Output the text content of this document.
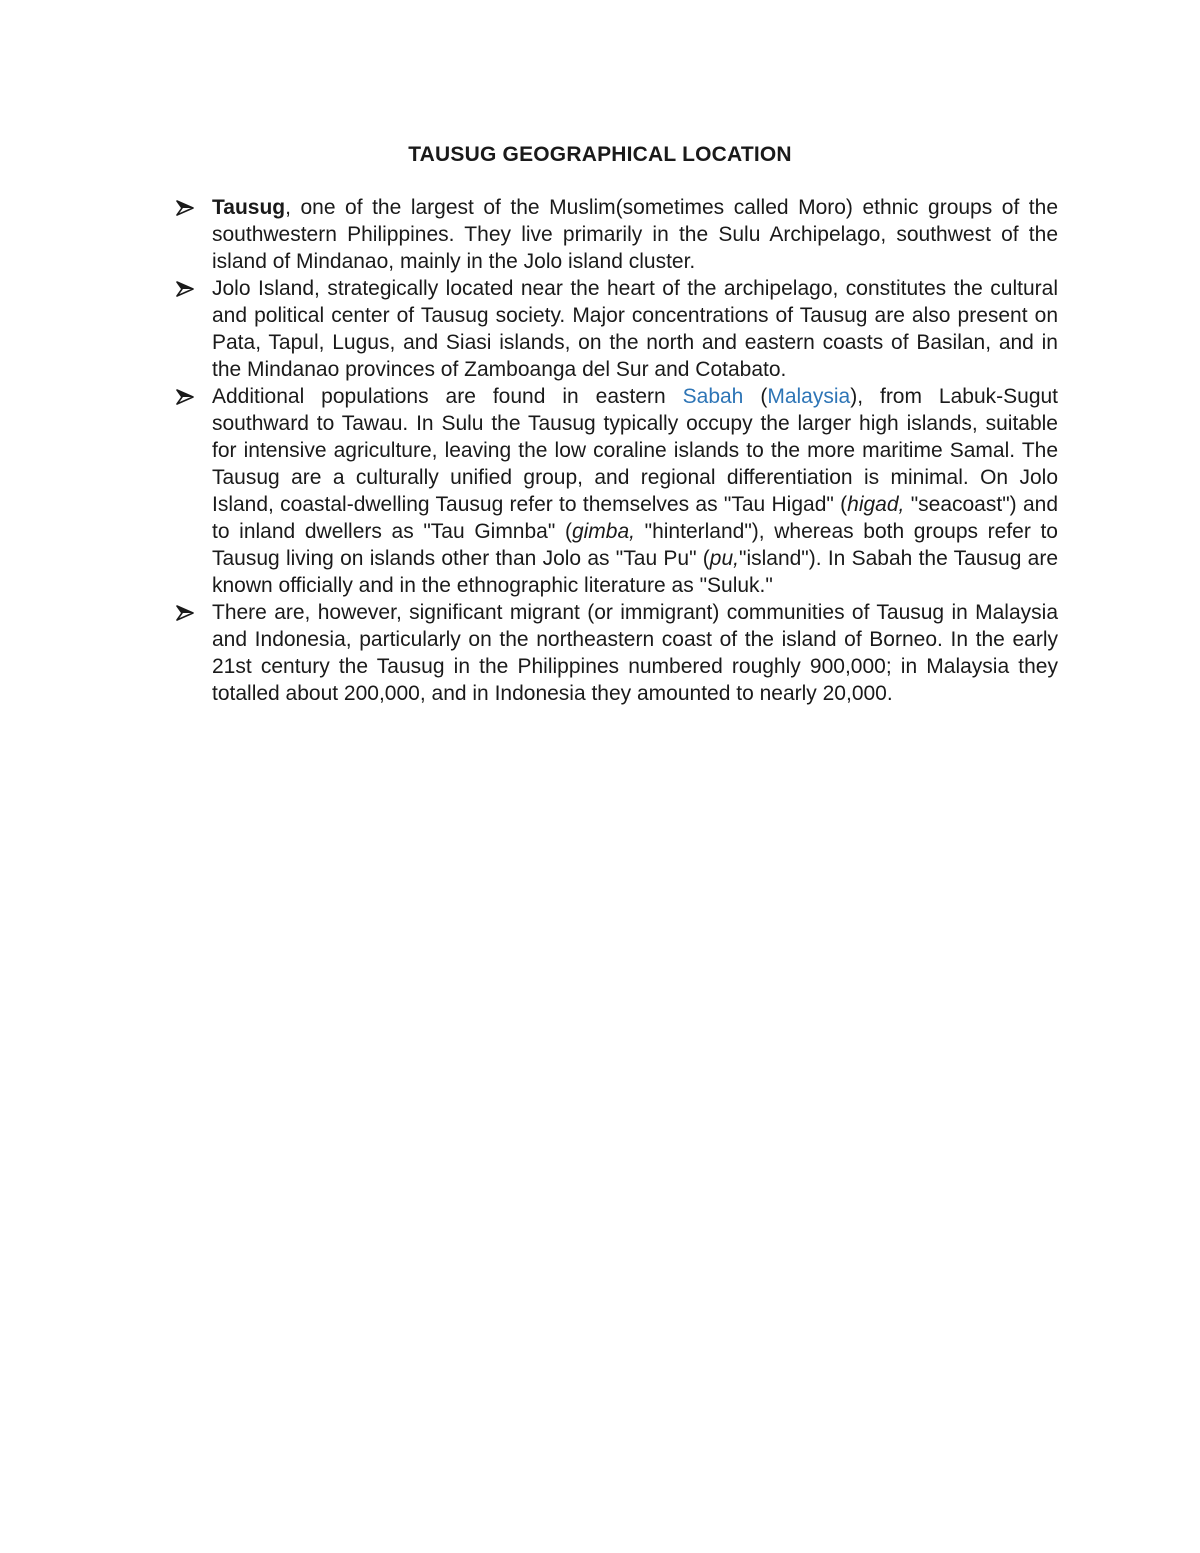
TAUSUG GEOGRAPHICAL LOCATION
Tausug, one of the largest of the Muslim(sometimes called Moro) ethnic groups of the southwestern Philippines. They live primarily in the Sulu Archipelago, southwest of the island of Mindanao, mainly in the Jolo island cluster.
Jolo Island, strategically located near the heart of the archipelago, constitutes the cultural and political center of Tausug society. Major concentrations of Tausug are also present on Pata, Tapul, Lugus, and Siasi islands, on the north and eastern coasts of Basilan, and in the Mindanao provinces of Zamboanga del Sur and Cotabato.
Additional populations are found in eastern Sabah (Malaysia), from Labuk-Sugut southward to Tawau. In Sulu the Tausug typically occupy the larger high islands, suitable for intensive agriculture, leaving the low coraline islands to the more maritime Samal. The Tausug are a culturally unified group, and regional differentiation is minimal. On Jolo Island, coastal-dwelling Tausug refer to themselves as "Tau Higad" (higad, "seacoast") and to inland dwellers as "Tau Gimnba" (gimba, "hinterland"), whereas both groups refer to Tausug living on islands other than Jolo as "Tau Pu" (pu,"island"). In Sabah the Tausug are known officially and in the ethnographic literature as "Suluk."
There are, however, significant migrant (or immigrant) communities of Tausug in Malaysia and Indonesia, particularly on the northeastern coast of the island of Borneo. In the early 21st century the Tausug in the Philippines numbered roughly 900,000; in Malaysia they totalled about 200,000, and in Indonesia they amounted to nearly 20,000.
